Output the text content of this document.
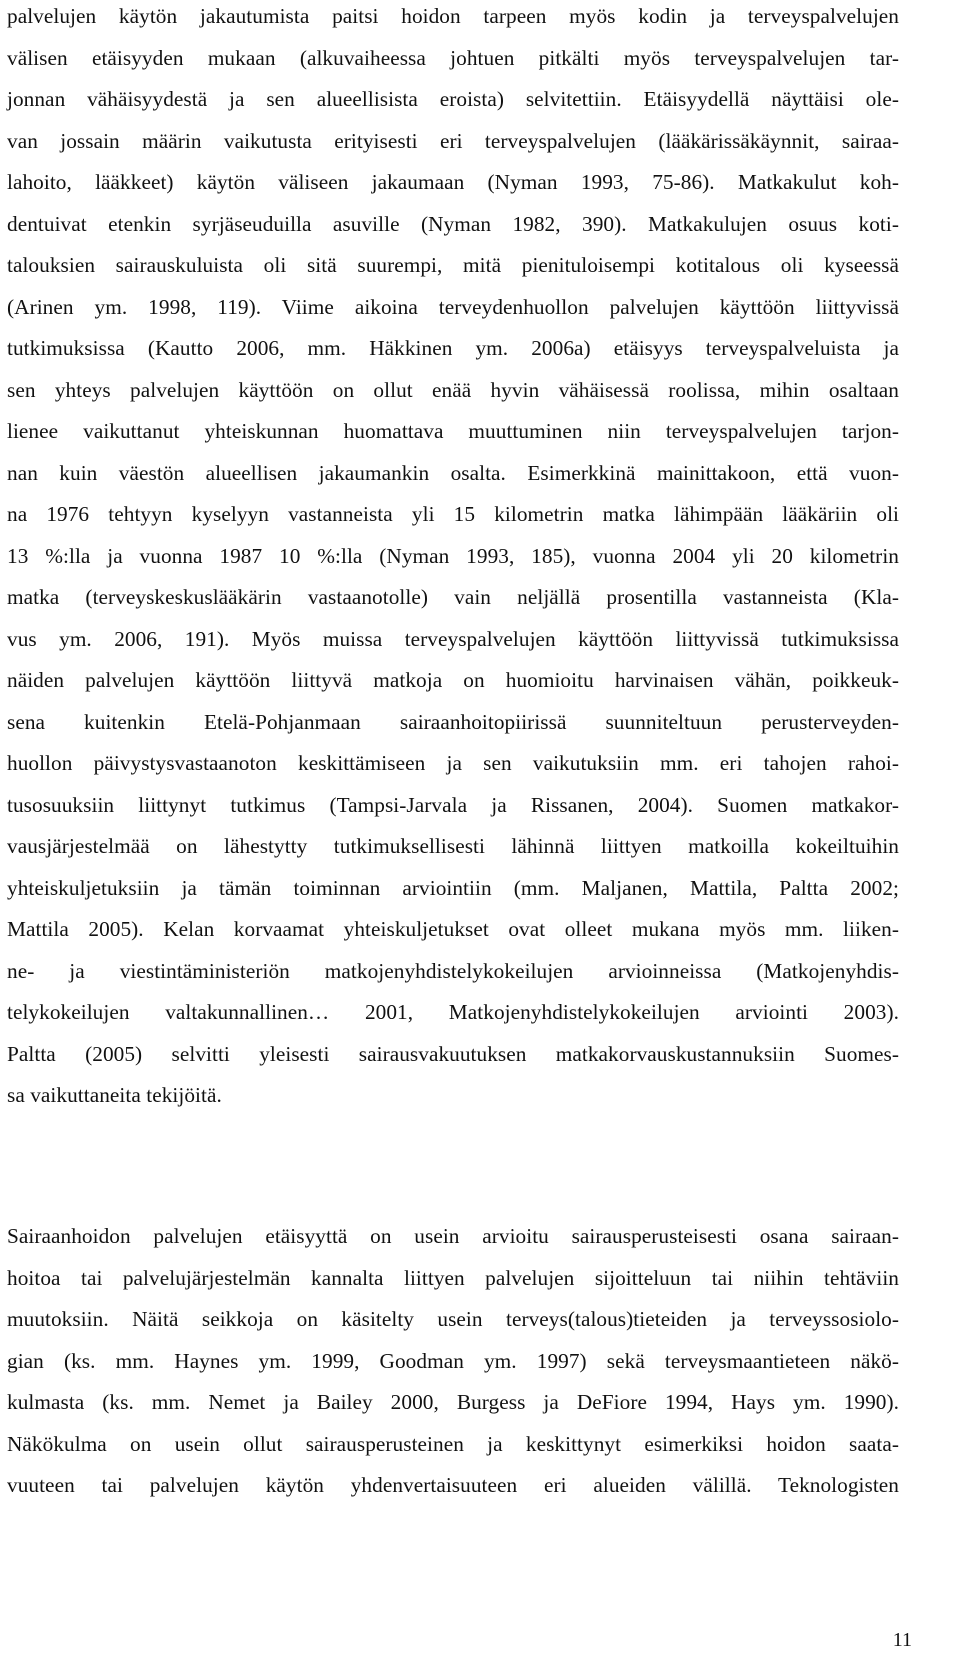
palvelujen käytön jakautumista paitsi hoidon tarpeen myös kodin ja terveyspalvelujen
välisen etäisyyden mukaan (alkuvaiheessa johtuen pitkälti myös terveyspalvelujen tar-
jonnan vähäisyydestä ja sen alueellisista eroista) selvitettiin. Etäisyydellä näyttäisi ole-
van jossain määrin vaikutusta erityisesti eri terveyspalvelujen (lääkärissäkäynnit, sairaa-
lahoito, lääkkeet) käytön väliseen jakaumaan (Nyman 1993, 75-86). Matkakulut koh-
dentuivat etenkin syrjäseuduilla asuville (Nyman 1982, 390). Matkakulujen osuus koti-
talouksien sairauskuluista oli sitä suurempi, mitä pienituloisempi kotitalous oli kyseessä
(Arinen ym. 1998, 119). Viime aikoina terveydenhuollon palvelujen käyttöön liittyvissä
tutkimuksissa (Kautto 2006, mm. Häkkinen ym. 2006a) etäisyys terveyspalveluista ja
sen yhteys palvelujen käyttöön on ollut enää hyvin vähäisessä roolissa, mihin osaltaan
lienee vaikuttanut yhteiskunnan huomattava muuttuminen niin terveyspalvelujen tarjon-
nan kuin väestön alueellisen jakaumankin osalta. Esimerkkinä mainittakoon, että vuon-
na 1976 tehtyyn kyselyyn vastanneista yli 15 kilometrin matka lähimpään lääkäriin oli
13 %:lla ja vuonna 1987 10 %:lla (Nyman 1993, 185), vuonna 2004 yli 20 kilometrin
matka (terveyskeskuslääkärin vastaanotolle) vain neljällä prosentilla vastanneista (Kla-
vus ym. 2006, 191). Myös muissa terveyspalvelujen käyttöön liittyvissä tutkimuksissa
näiden palvelujen käyttöön liittyvä matkoja on huomioitu harvinaisen vähän, poikkeuk-
sena kuitenkin Etelä-Pohjanmaan sairaanhoitopiirissä suunniteltuun perusterveyden-
huollon päivystysvastaanoton keskittämiseen ja sen vaikutuksiin mm. eri tahojen rahoi-
tusosuuksiin liittynyt tutkimus (Tampsi-Jarvala ja Rissanen, 2004). Suomen matkakor-
vausjärjestelmää on lähestytty tutkimuksellisesti lähinnä liittyen matkoilla kokeiltuihin
yhteiskuljetuksiin ja tämän toiminnan arviointiin (mm. Maljanen, Mattila, Paltta 2002;
Mattila 2005). Kelan korvaamat yhteiskuljetukset ovat olleet mukana myös mm. liiken-
ne- ja viestintäministeriön matkojenyhdistelykokeilujen arvioinneissa (Matkojenyhdis-
telykokeilujen valtakunnallinen… 2001, Matkojenyhdistelykokeilujen arviointi 2003).
Paltta (2005) selvitti yleisesti sairausvakuutuksen matkakorvauskustannuksiin Suomes-
sa vaikuttaneita tekijöitä.
Sairaanhoidon palvelujen etäisyyttä on usein arvioitu sairausperusteisesti osana sairaan-
hoitoa tai palvelujärjestelmän kannalta liittyen palvelujen sijoitteluun tai niihin tehtäviin
muutoksiin. Näitä seikkoja on käsitelty usein terveys(talous)tieteiden ja terveyssosiolo-
gian (ks. mm. Haynes ym. 1999, Goodman ym. 1997) sekä terveysmaantieteen näkö-
kulmasta (ks. mm. Nemet ja Bailey 2000, Burgess ja DeFiore 1994, Hays ym. 1990).
Näkökulma on usein ollut sairausperusteinen ja keskittynyt esimerkiksi hoidon saata-
vuuteen tai palvelujen käytön yhdenvertaisuuteen eri alueiden välillä. Teknologisten
11
